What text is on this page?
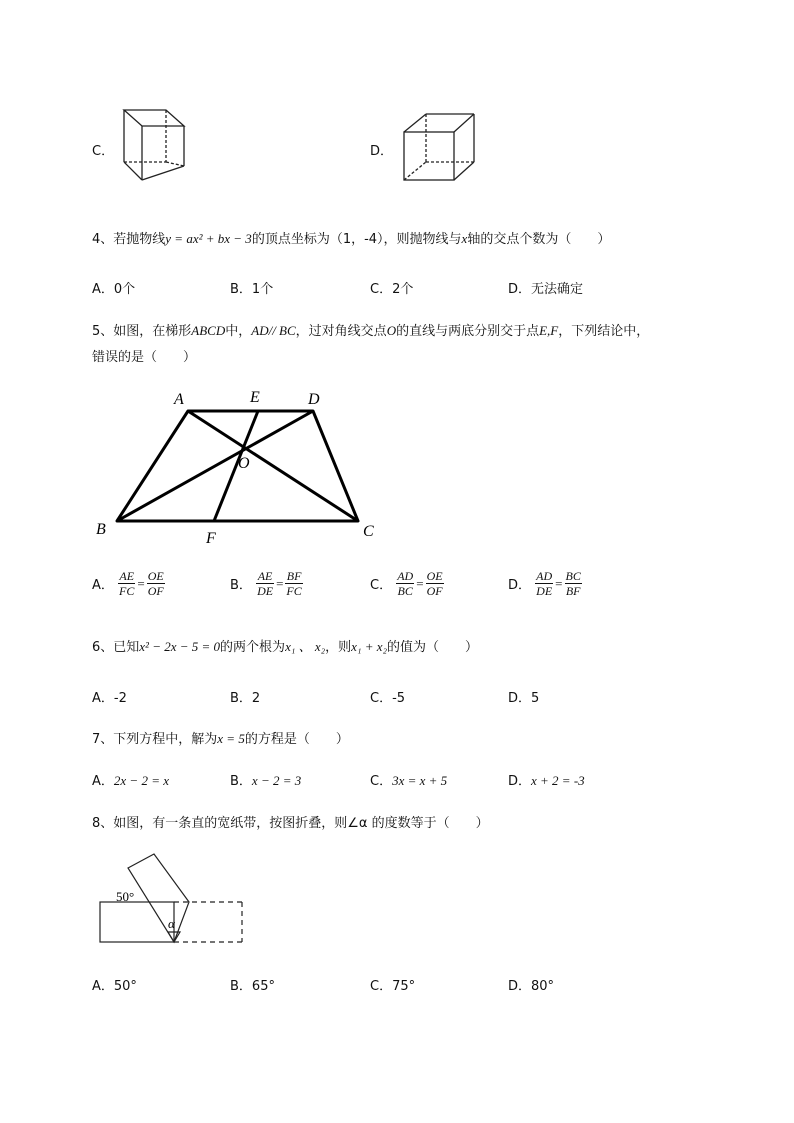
C．	D．
4、若抛物线y = ax² + bx − 3的顶点坐标为（1，-4），则抛物线与x轴的交点个数为（　　）
A．0个	B．1个	C．2个	D．无法确定
5、如图，在梯形ABCD中，AD// BC，过对角线交点O的直线与两底分别交于点E,F，下列结论中，
错误的是（　　）
A	E	D
O
B
F	C
A． $\frac{AE}{FC} = \frac{OE}{OF}$	B． $\frac{AE}{DE} = \frac{BF}{FC}$	C． $\frac{AD}{BC} = \frac{OE}{OF}$	D． $\frac{AD}{DE} = \frac{BC}{BF}$
6、已知x² − 2x − 5 = 0的两个根为x₁ 、 x₂，则x₁ + x₂的值为（　　）
A．-2	B．2	C．-5	D．5
7、下列方程中，解为x = 5的方程是（　　）
A．2x − 2 = x	B．x − 2 = 3	C．3x = x + 5	D．x + 2 = -3
8、如图，有一条直的宽纸带，按图折叠，则∠α 的度数等于（　　）
50°
α
A．50°	B．65°	C．75°	D．80°
